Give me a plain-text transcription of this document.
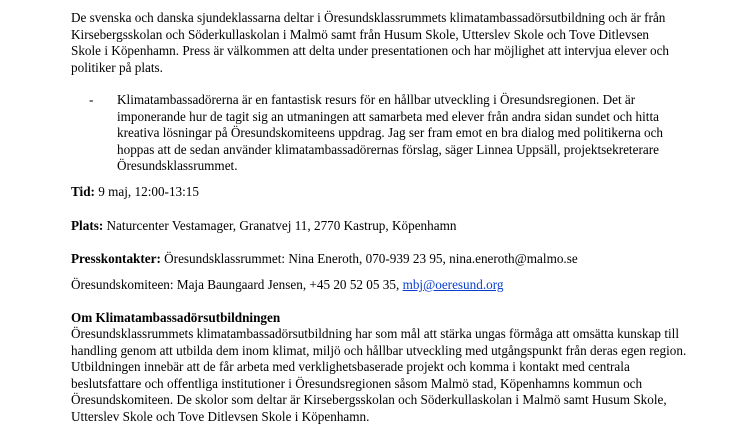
De svenska och danska sjundeklassarna deltar i Öresundsklassrummets klimatambassadörsutbildning och är från Kirsebergsskolan och Söderkullaskolan i Malmö samt från Husum Skole, Utterslev Skole och Tove Ditlevsen Skole i Köpenhamn. Press är välkommen att delta under presentationen och har möjlighet att intervjua elever och politiker på plats.

- Klimatambassadörerna är en fantastisk resurs för en hållbar utveckling i Öresundsregionen. Det är imponerande hur de tagit sig an utmaningen att samarbeta med elever från andra sidan sundet och hitta kreativa lösningar på Öresundskomiteens uppdrag. Jag ser fram emot en bra dialog med politikerna och hoppas att de sedan använder klimatambassadörernas förslag, säger Linnea Uppsäll, projektsekreterare Öresundsklassrummet.

Tid: 9 maj, 12:00-13:15

Plats: Naturcenter Vestamager, Granatvej 11, 2770 Kastrup, Köpenhamn

Presskontakter: Öresundsklassrummet: Nina Eneroth, 070-939 23 95, nina.eneroth@malmo.se

Öresundskomiteen: Maja Baungaard Jensen, +45 20 52 05 35, mbj@oeresund.org

Om Klimatambassadörsutbildningen

Öresundsklassrummets klimatambassadörsutbildning har som mål att stärka ungas förmåga att omsätta kunskap till handling genom att utbilda dem inom klimat, miljö och hållbar utveckling med utgångspunkt från deras egen region. Utbildningen innebär att de får arbeta med verklighetsbaserade projekt och komma i kontakt med centrala beslutsfattare och offentliga institutioner i Öresundsregionen såsom Malmö stad, Köpenhamns kommun och Öresundskomiteen. De skolor som deltar är Kirsebergsskolan och Söderkullaskolan i Malmö samt Husum Skole, Utterslev Skole och Tove Ditlevsen Skole i Köpenhamn.
